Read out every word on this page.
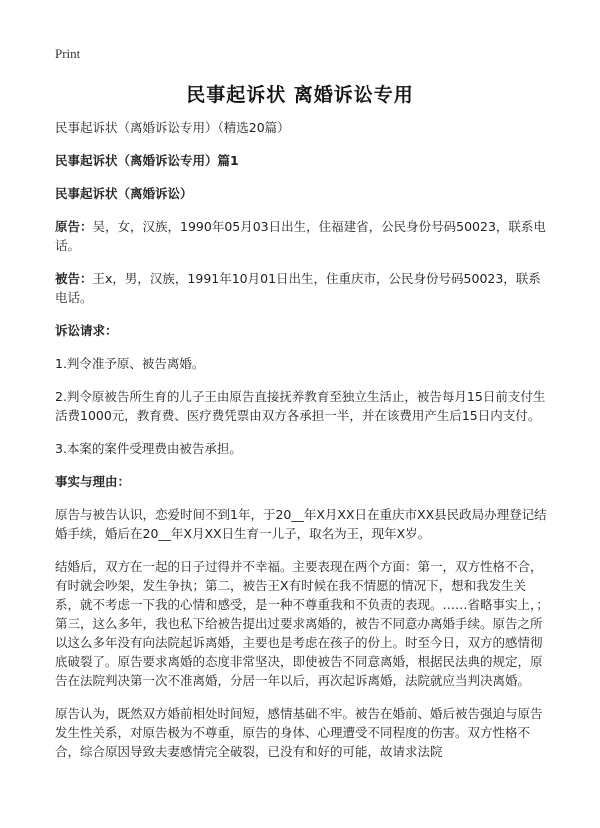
Print
民事起诉状 离婚诉讼专用

民事起诉状（离婚诉讼专用）（精选20篇）

民事起诉状（离婚诉讼专用）篇1

民事起诉状（离婚诉讼）

原告：吴，女，汉族，1990年05月03日出生，住福建省，公民身份号码50023，联系电话。

被告：王x，男，汉族，1991年10月01日出生，住重庆市，公民身份号码50023，联系电话。

诉讼请求：

1.判令准予原、被告离婚。

2.判令原被告所生育的儿子王由原告直接抚养教育至独立生活止，被告每月15日前支付生活费1000元，教育费、医疗费凭票由双方各承担一半，并在该费用产生后15日内支付。

3.本案的案件受理费由被告承担。

事实与理由：

原告与被告认识，恋爱时间不到1年，于20__年X月XX日在重庆市XX县民政局办理登记结婚手续，婚后在20__年X月XX日生育一儿子，取名为王，现年X岁。

结婚后，双方在一起的日子过得并不幸福。主要表现在两个方面：第一，双方性格不合，有时就会吵架，发生争执；第二，被告王X有时候在我不情愿的情况下，想和我发生关系，就不考虑一下我的心情和感受，是一种不尊重我和不负责的表现。……省略事实上，；第三，这么多年，我也私下给被告提出过要求离婚的，被告不同意办离婚手续。原告之所以这么多年没有向法院起诉离婚，主要也是考虑在孩子的份上。时至今日，双方的感情彻底破裂了。原告要求离婚的态度非常坚决，即使被告不同意离婚，根据民法典的规定，原告在法院判决第一次不准离婚，分居一年以后，再次起诉离婚，法院就应当判决离婚。

原告认为，既然双方婚前相处时间短，感情基础不牢。被告在婚前、婚后被告强迫与原告发生性关系，对原告极为不尊重，原告的身体、心理遭受不同程度的伤害。双方性格不合，综合原因导致夫妻感情完全破裂，已没有和好的可能，故请求法院
